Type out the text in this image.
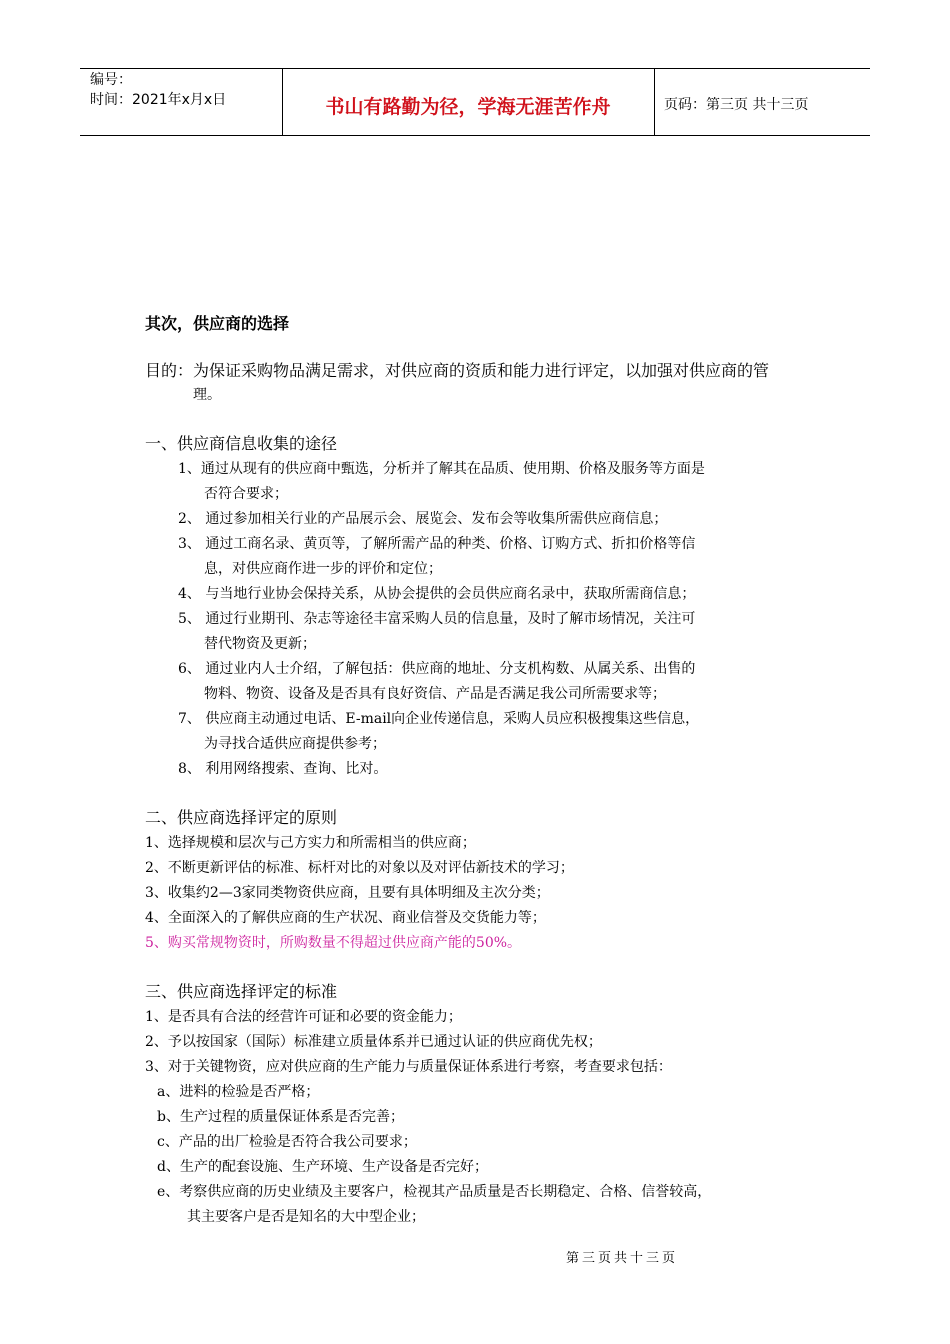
编号：
时间：2021年x月x日	书山有路勤为径，学海无涯苦作舟	页码：第三页 共十三页
其次，供应商的选择
目的：为保证采购物品满足需求，对供应商的资质和能力进行评定，以加强对供应商的管
理。
一、供应商信息收集的途径
1、通过从现有的供应商中甄选，分析并了解其在品质、使用期、价格及服务等方面是
否符合要求；
2、 通过参加相关行业的产品展示会、展览会、发布会等收集所需供应商信息；
3、 通过工商名录、黄页等，了解所需产品的种类、价格、订购方式、折扣价格等信
息，对供应商作进一步的评价和定位；
4、 与当地行业协会保持关系，从协会提供的会员供应商名录中，获取所需商信息；
5、 通过行业期刊、杂志等途径丰富采购人员的信息量，及时了解市场情况，关注可
替代物资及更新；
6、 通过业内人士介绍，了解包括：供应商的地址、分支机构数、从属关系、出售的
物料、物资、设备及是否具有良好资信、产品是否满足我公司所需要求等；
7、 供应商主动通过电话、E-mail向企业传递信息，采购人员应积极搜集这些信息，
为寻找合适供应商提供参考；
8、 利用网络搜索、查询、比对。
二、供应商选择评定的原则
1、选择规模和层次与己方实力和所需相当的供应商；
2、不断更新评估的标准、标杆对比的对象以及对评估新技术的学习；
3、收集约2—3家同类物资供应商，且要有具体明细及主次分类；
4、全面深入的了解供应商的生产状况、商业信誉及交货能力等；
5、购买常规物资时，所购数量不得超过供应商产能的50%。
三、供应商选择评定的标准
1、是否具有合法的经营许可证和必要的资金能力；
2、予以按国家（国际）标准建立质量体系并已通过认证的供应商优先权；
3、对于关键物资，应对供应商的生产能力与质量保证体系进行考察，考查要求包括：
a、进料的检验是否严格；
b、生产过程的质量保证体系是否完善；
c、产品的出厂检验是否符合我公司要求；
d、生产的配套设施、生产环境、生产设备是否完好；
e、考察供应商的历史业绩及主要客户，检视其产品质量是否长期稳定、合格、信誉较高，
其主要客户是否是知名的大中型企业；
第三页共十三页
